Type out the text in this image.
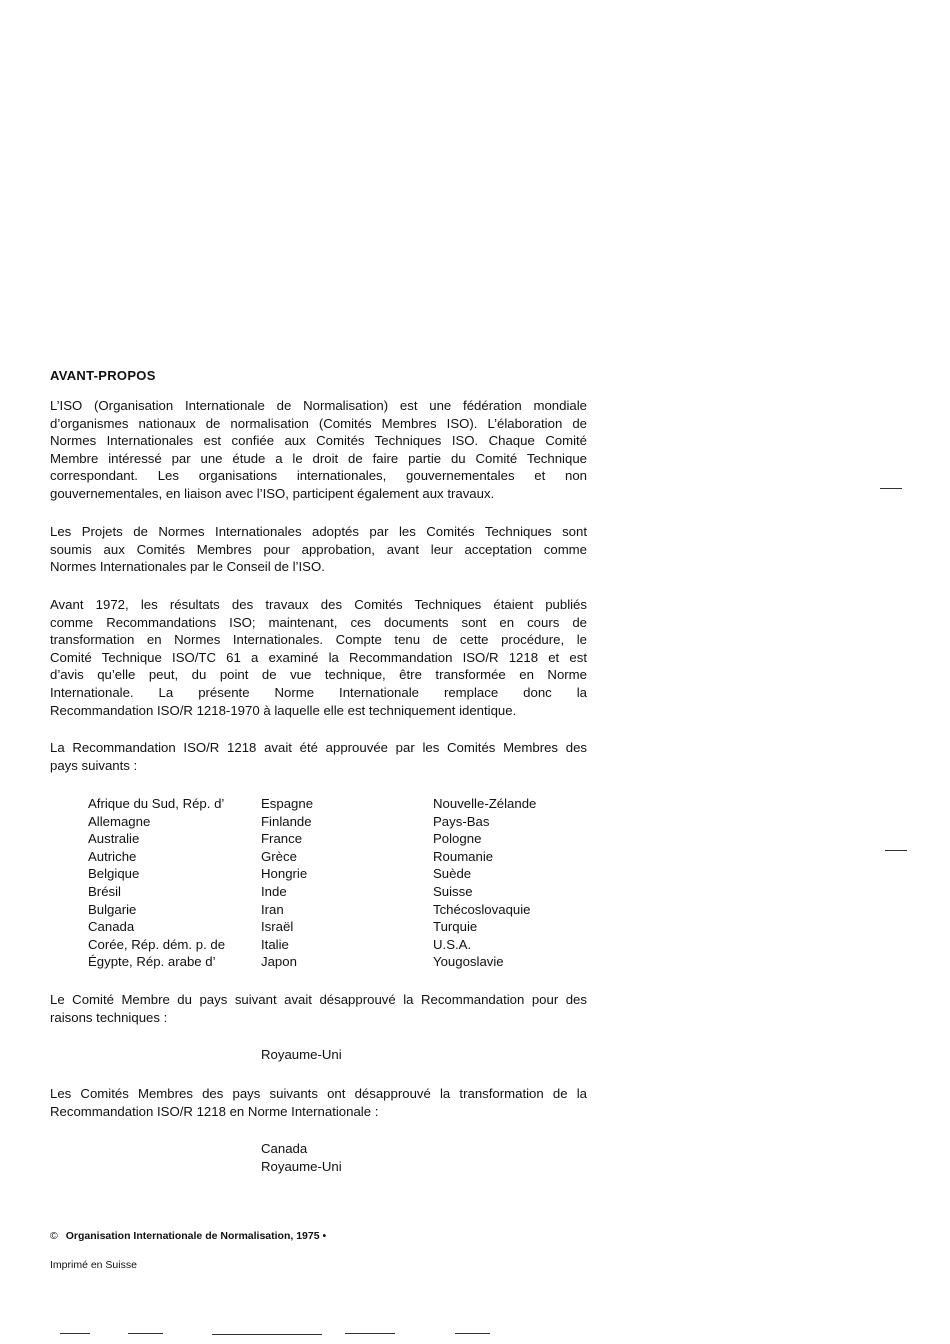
AVANT-PROPOS
L’ISO (Organisation Internationale de Normalisation) est une fédération mondiale
d’organismes nationaux de normalisation (Comités Membres ISO). L’élaboration de
Normes Internationales est confiée aux Comités Techniques ISO. Chaque Comité
Membre intéressé par une étude a le droit de faire partie du Comité Technique
correspondant. Les organisations internationales, gouvernementales et non
gouvernementales, en liaison avec l’ISO, participent également aux travaux.
Les Projets de Normes Internationales adoptés par les Comités Techniques sont
soumis aux Comités Membres pour approbation, avant leur acceptation comme
Normes Internationales par le Conseil de l’ISO.
Avant 1972, les résultats des travaux des Comités Techniques étaient publiés
comme Recommandations ISO; maintenant, ces documents sont en cours de
transformation en Normes Internationales. Compte tenu de cette procédure, le
Comité Technique ISO/TC 61 a examiné la Recommandation ISO/R 1218 et est
d’avis qu’elle peut, du point de vue technique, être transformée en Norme
Internationale. La présente Norme Internationale remplace donc la
Recommandation ISO/R 1218-1970 à laquelle elle est techniquement identique.
La Recommandation ISO/R 1218 avait été approuvée par les Comités Membres des
pays suivants :
Afrique du Sud, Rép. d’
Allemagne
Australie
Autriche
Belgique
Brésil
Bulgarie
Canada
Corée, Rép. dém. p. de
Égypte, Rép. arabe d’
Espagne
Finlande
France
Grèce
Hongrie
Inde
Iran
Israël
Italie
Japon
Nouvelle-Zélande
Pays-Bas
Pologne
Roumanie
Suède
Suisse
Tchécoslovaquie
Turquie
U.S.A.
Yougoslavie
Le Comité Membre du pays suivant avait désapprouvé la Recommandation pour des
raisons techniques :
Royaume-Uni
Les Comités Membres des pays suivants ont désapprouvé la transformation de la
Recommandation ISO/R 1218 en Norme Internationale :
Canada
Royaume-Uni
© Organisation Internationale de Normalisation, 1975 •
Imprimé en Suisse
